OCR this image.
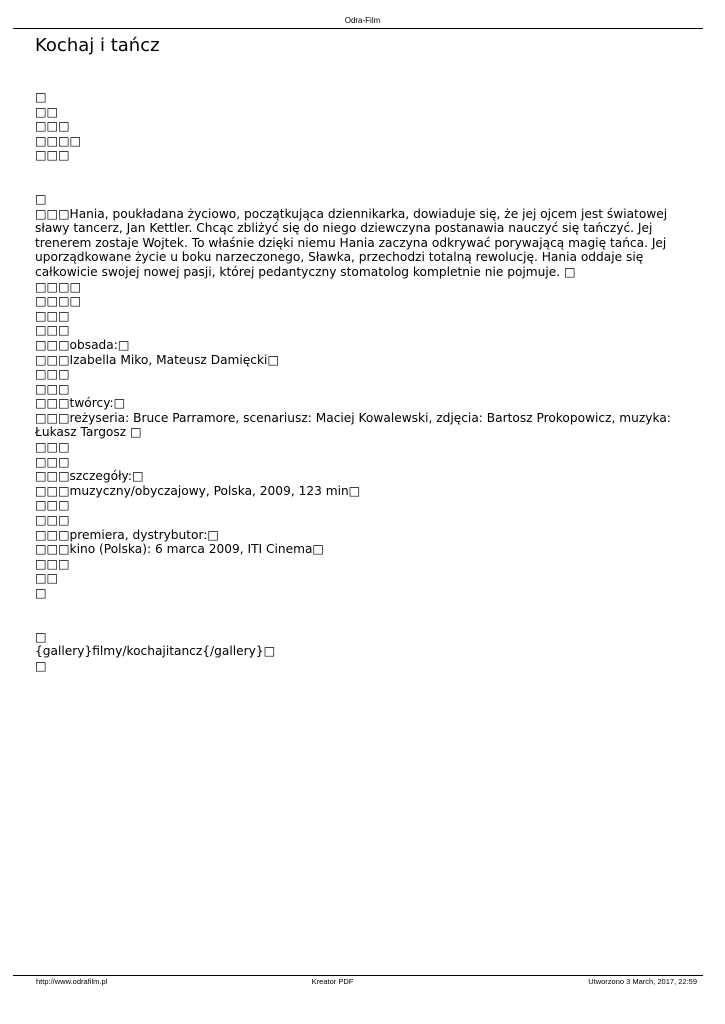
Odra-Film
Kochaj i tańcz
□
□□
□□□
□□□□
□□□
□
□□□Hania, poukładana życiowo, początkująca dziennikarka, dowiaduje się, że jej ojcem jest światowej sławy tancerz, Jan Kettler. Chcąc zbliżyć się do niego dziewczyna postanawia nauczyć się tańczyć. Jej trenerem zostaje Wojtek. To właśnie dzięki niemu Hania zaczyna odkrywać porywającą magię tańca. Jej uporządkowane życie u boku narzeczonego, Sławka, przechodzi totalną rewolucję. Hania oddaje się całkowicie swojej nowej pasji, której pedantyczny stomatolog kompletnie nie pojmuje. □
□□□□
□□□□
□□□
□□□
□□□obsada:□
□□□Izabella Miko, Mateusz Damięcki□
□□□
□□□
□□□twórcy:□
□□□reżyseria: Bruce Parramore, scenariusz: Maciej Kowalewski, zdjęcia: Bartosz Prokopowicz, muzyka: Łukasz Targosz □
□□□
□□□
□□□szczegóły:□
□□□muzyczny/obyczajowy, Polska, 2009, 123 min□
□□□
□□□
□□□premiera, dystrybutor:□
□□□kino (Polska): 6 marca 2009, ITI Cinema□
□□□
□□
□
□
{gallery}filmy/kochajitancz{/gallery}□
□
http://www.odrafilm.pl	Kreator PDF	Utworzono 3 March, 2017, 22:59
